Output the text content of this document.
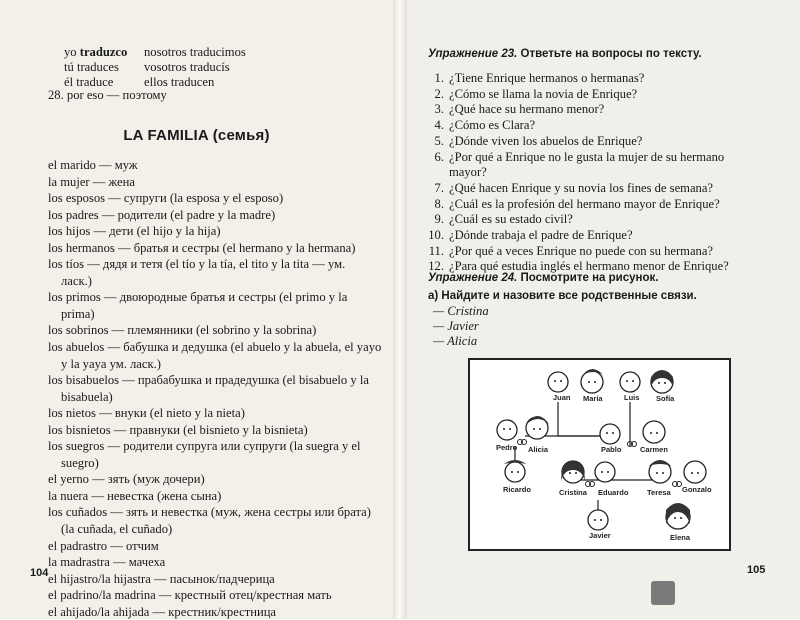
yo traduzco	nosotros traducimos
tú traduces	vosotros traducís
él traduce	ellos traducen
28. por eso — поэтому
LA FAMILIA (семья)
el marido — муж
la mujer — жена
los esposos — супруги (la esposa y el esposo)
los padres — родители (el padre y la madre)
los hijos — дети (el hijo y la hija)
los hermanos — братья и сестры (el hermano y la hermana)
los tíos — дядя и тетя (el tío y la tía, el tito y la tita — ум.
ласк.)
los primos — двоюродные братья и сестры (el primo y la
prima)
los sobrinos — племянники (el sobrino y la sobrina)
los abuelos — бабушка и дедушка (el abuelo y la abuela, el yayo
y la yaya ум. ласк.)
los bisabuelos — прабабушка и прадедушка (el bisabuelo y la
bisabuela)
los nietos — внуки (el nieto y la nieta)
los bisnietos — правнуки (el bisnieto y la bisnieta)
los suegros — родители супруга или супруги (la suegra y el
suegro)
el yerno — зять (муж дочери)
la nuera — невестка (жена сына)
los cuñados — зять и невестка (муж, жена сестры или брата)
(la cuñada, el cuñado)
el padrastro — отчим
la madrastra — мачеха
el hijastro/la hijastra — пасынок/падчерица
el padrino/la madrina — крестный отец/крестная мать
el ahijado/la ahijada — крестник/крестница
104
Упражнение 23. Ответьте на вопросы по тексту.
1. ¿Tiene Enrique hermanos o hermanas?
2. ¿Cómo se llama la novia de Enrique?
3. ¿Qué hace su hermano menor?
4. ¿Cómo es Clara?
5. ¿Dónde viven los abuelos de Enrique?
6. ¿Por qué a Enrique no le gusta la mujer de su hermano
mayor?
7. ¿Qué hacen Enrique y su novia los fines de semana?
8. ¿Cuál es la profesión del hermano mayor de Enrique?
9. ¿Cuál es su estado civil?
10. ¿Dónde trabaja el padre de Enrique?
11. ¿Por qué a veces Enrique no puede con su hermana?
12. ¿Para qué estudia inglés el hermano menor de Enrique?
Упражнение 24. Посмотрите на рисунок.
а) Найдите и назовите все родственные связи.
— Cristina
— Javier
— Alicia
Juan María	Luis Sofía
Pedro Alicia	Pablo Carmen
Ricardo	Cristina Eduardo Teresa Gonzalo
Javier	Elena
105
